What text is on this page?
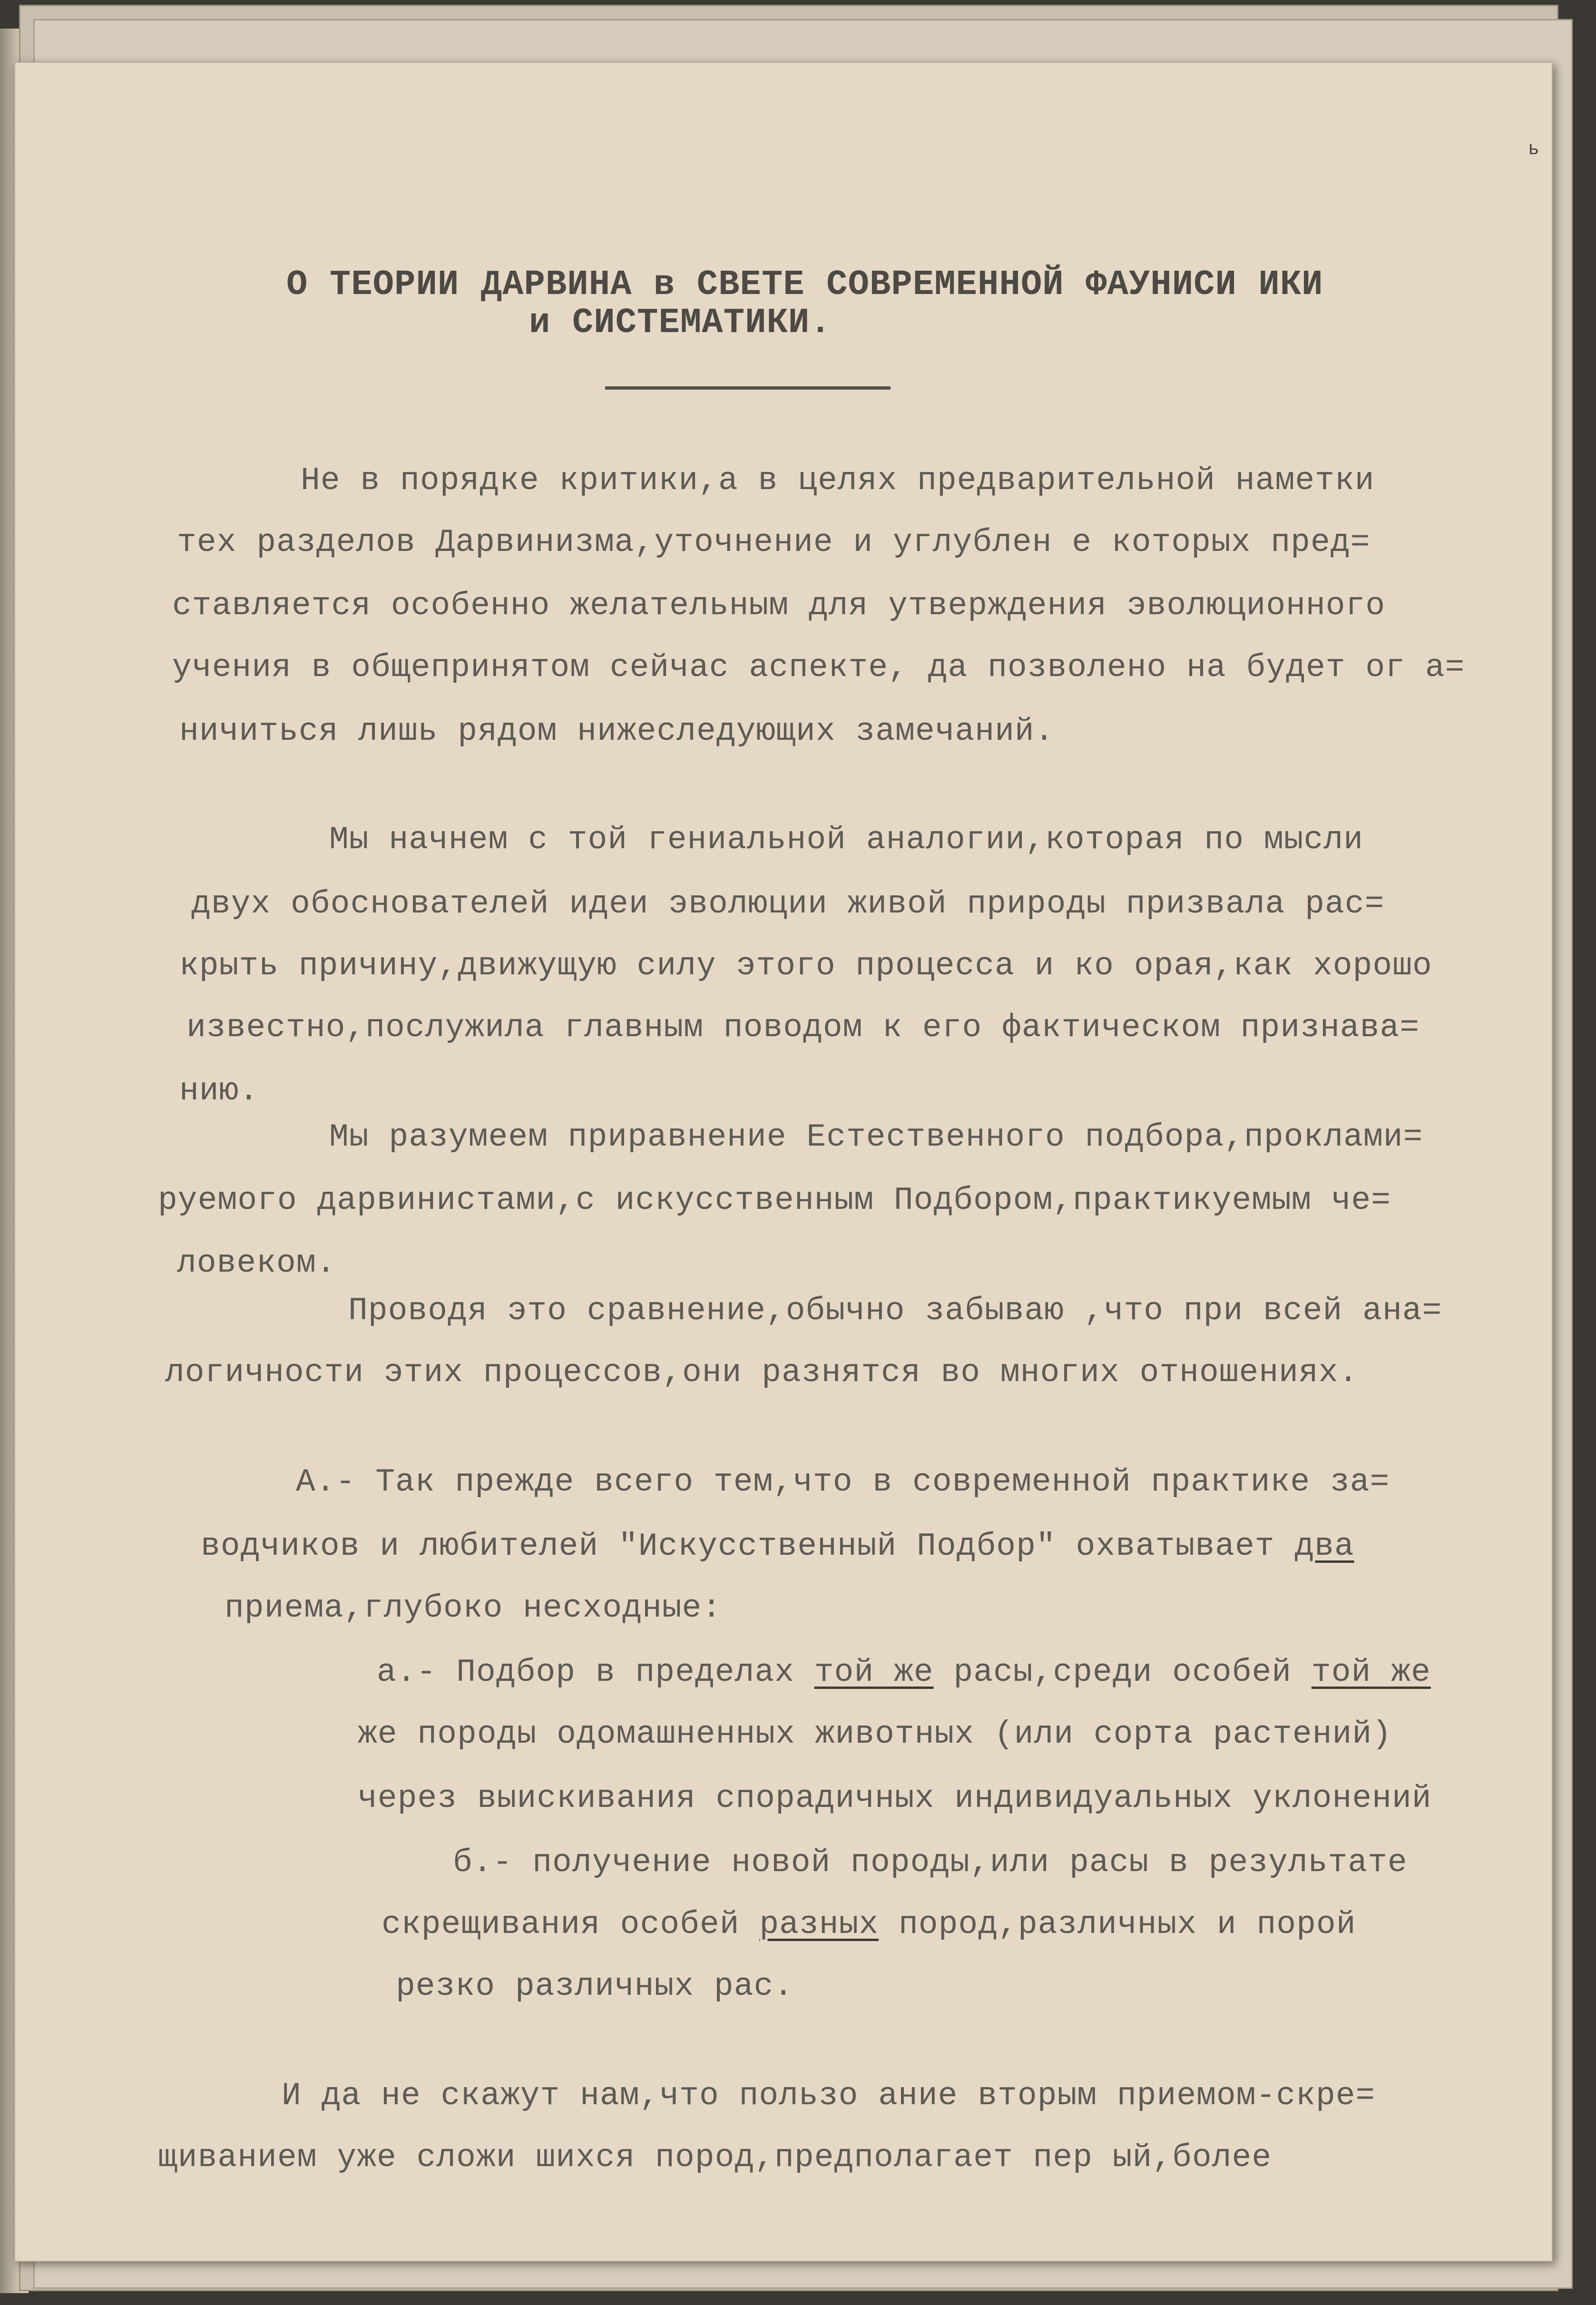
ь
О ТЕОРИИ ДАРВИНА в СВЕТЕ СОВРЕМЕННОЙ ФАУНИСИ ИКИ
и СИСТЕМАТИКИ.
Не в порядке критики,а в целях предварительной наметки
тех разделов Дарвинизма,уточнение и углублен е которых пред=
ставляется особенно желательным для утверждения эволюционного
учения в общепринятом сейчас аспекте, да позволено на будет ог а=
ничиться лишь рядом нижеследующих замечаний.
Мы начнем с той гениальной аналогии,которая по мысли
двух обоснователей идеи эволюции живой природы призвала рас=
крыть причину,движущую силу этого процесса и ко орая,как хорошо
известно,послужила главным поводом к его фактическом признава=
нию.
Мы разумеем приравнение Естественного подбора,проклами=
руемого дарвинистами,с искусственным Подбором,практикуемым че=
ловеком.
Проводя это сравнение,обычно забываю ,что при всей ана=
логичности этих процессов,они разнятся во многих отношениях.
А.- Так прежде всего тем,что в современной практике за=
водчиков и любителей "Искусственный Подбор" охватывает два
приема,глубоко несходные:
а.- Подбор в пределах той же расы,среди особей той же
же породы одомашненных животных (или сорта растений)
через выискивания спорадичных индивидуальных уклонений
б.- получение новой породы,или расы в результате
скрещивания особей разных пород,различных и порой
резко различных рас.
И да не скажут нам,что пользо ание вторым приемом-скре=
щиванием уже сложи шихся пород,предполагает пер ый,более
